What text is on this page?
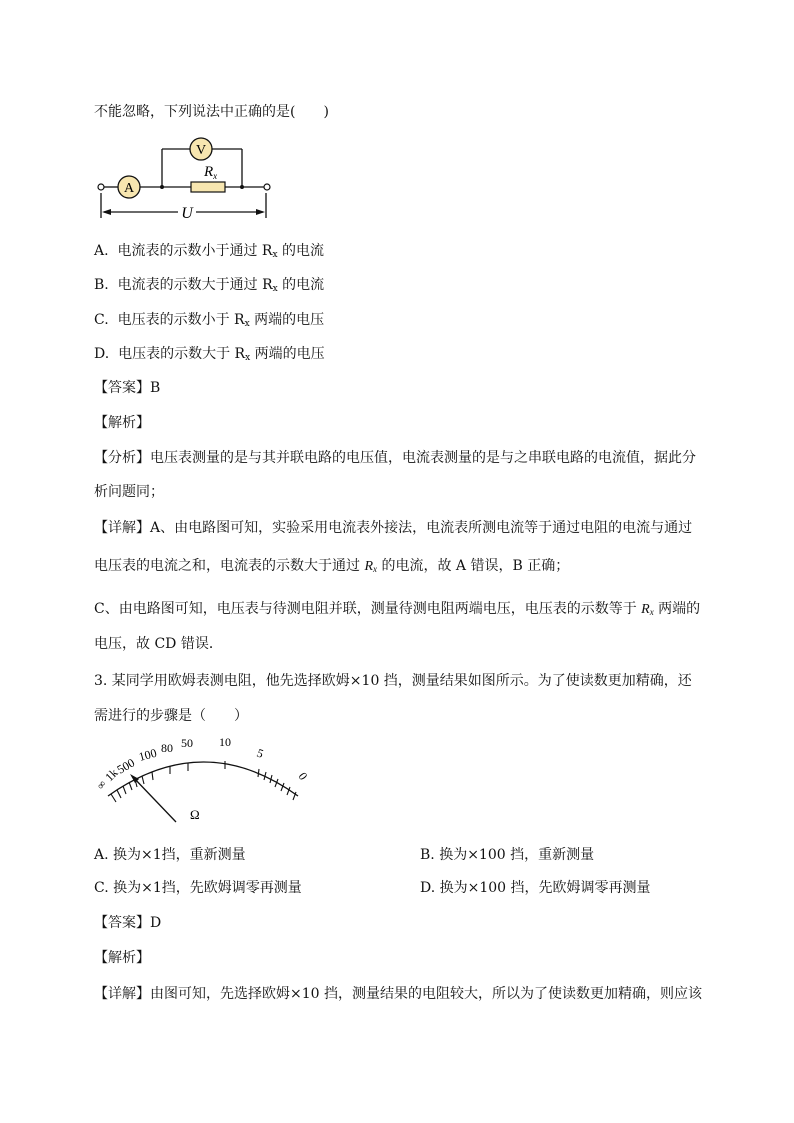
不能忽略，下列说法中正确的是(　　)
A
V
$R_x$
U
A. 电流表的示数小于通过 $R_x$ 的电流
B. 电流表的示数大于通过 $R_x$ 的电流
C. 电压表的示数小于 $R_x$ 两端的电压
D. 电压表的示数大于 $R_x$ 两端的电压
【答案】B
【解析】
【分析】电压表测量的是与其并联电路的电压值，电流表测量的是与之串联电路的电流值，据此分
析问题同；
【详解】A、由电路图可知，实验采用电流表外接法，电流表所测电流等于通过电阻的电流与通过
电压表的电流之和，电流表的示数大于通过 $R_x$ 的电流，故 A 错误，B 正确；
C、由电路图可知，电压表与待测电阻并联，测量待测电阻两端电压，电压表的示数等于 $R_x$ 两端的
电压，故 CD 错误．
3. 某同学用欧姆表测电阻，他先选择欧姆×10 挡，测量结果如图所示。为了使读数更加精确，还
需进行的步骤是（　　）
∞
1k
500
100 80 50 10
5
0
Ω
A. 换为×1挡，重新测量	B. 换为×100 挡，重新测量
C. 换为×1挡，先欧姆调零再测量	D. 换为×100 挡，先欧姆调零再测量
【答案】D
【解析】
【详解】由图可知，先选择欧姆×10 挡，测量结果的电阻较大，所以为了使读数更加精确，则应该
